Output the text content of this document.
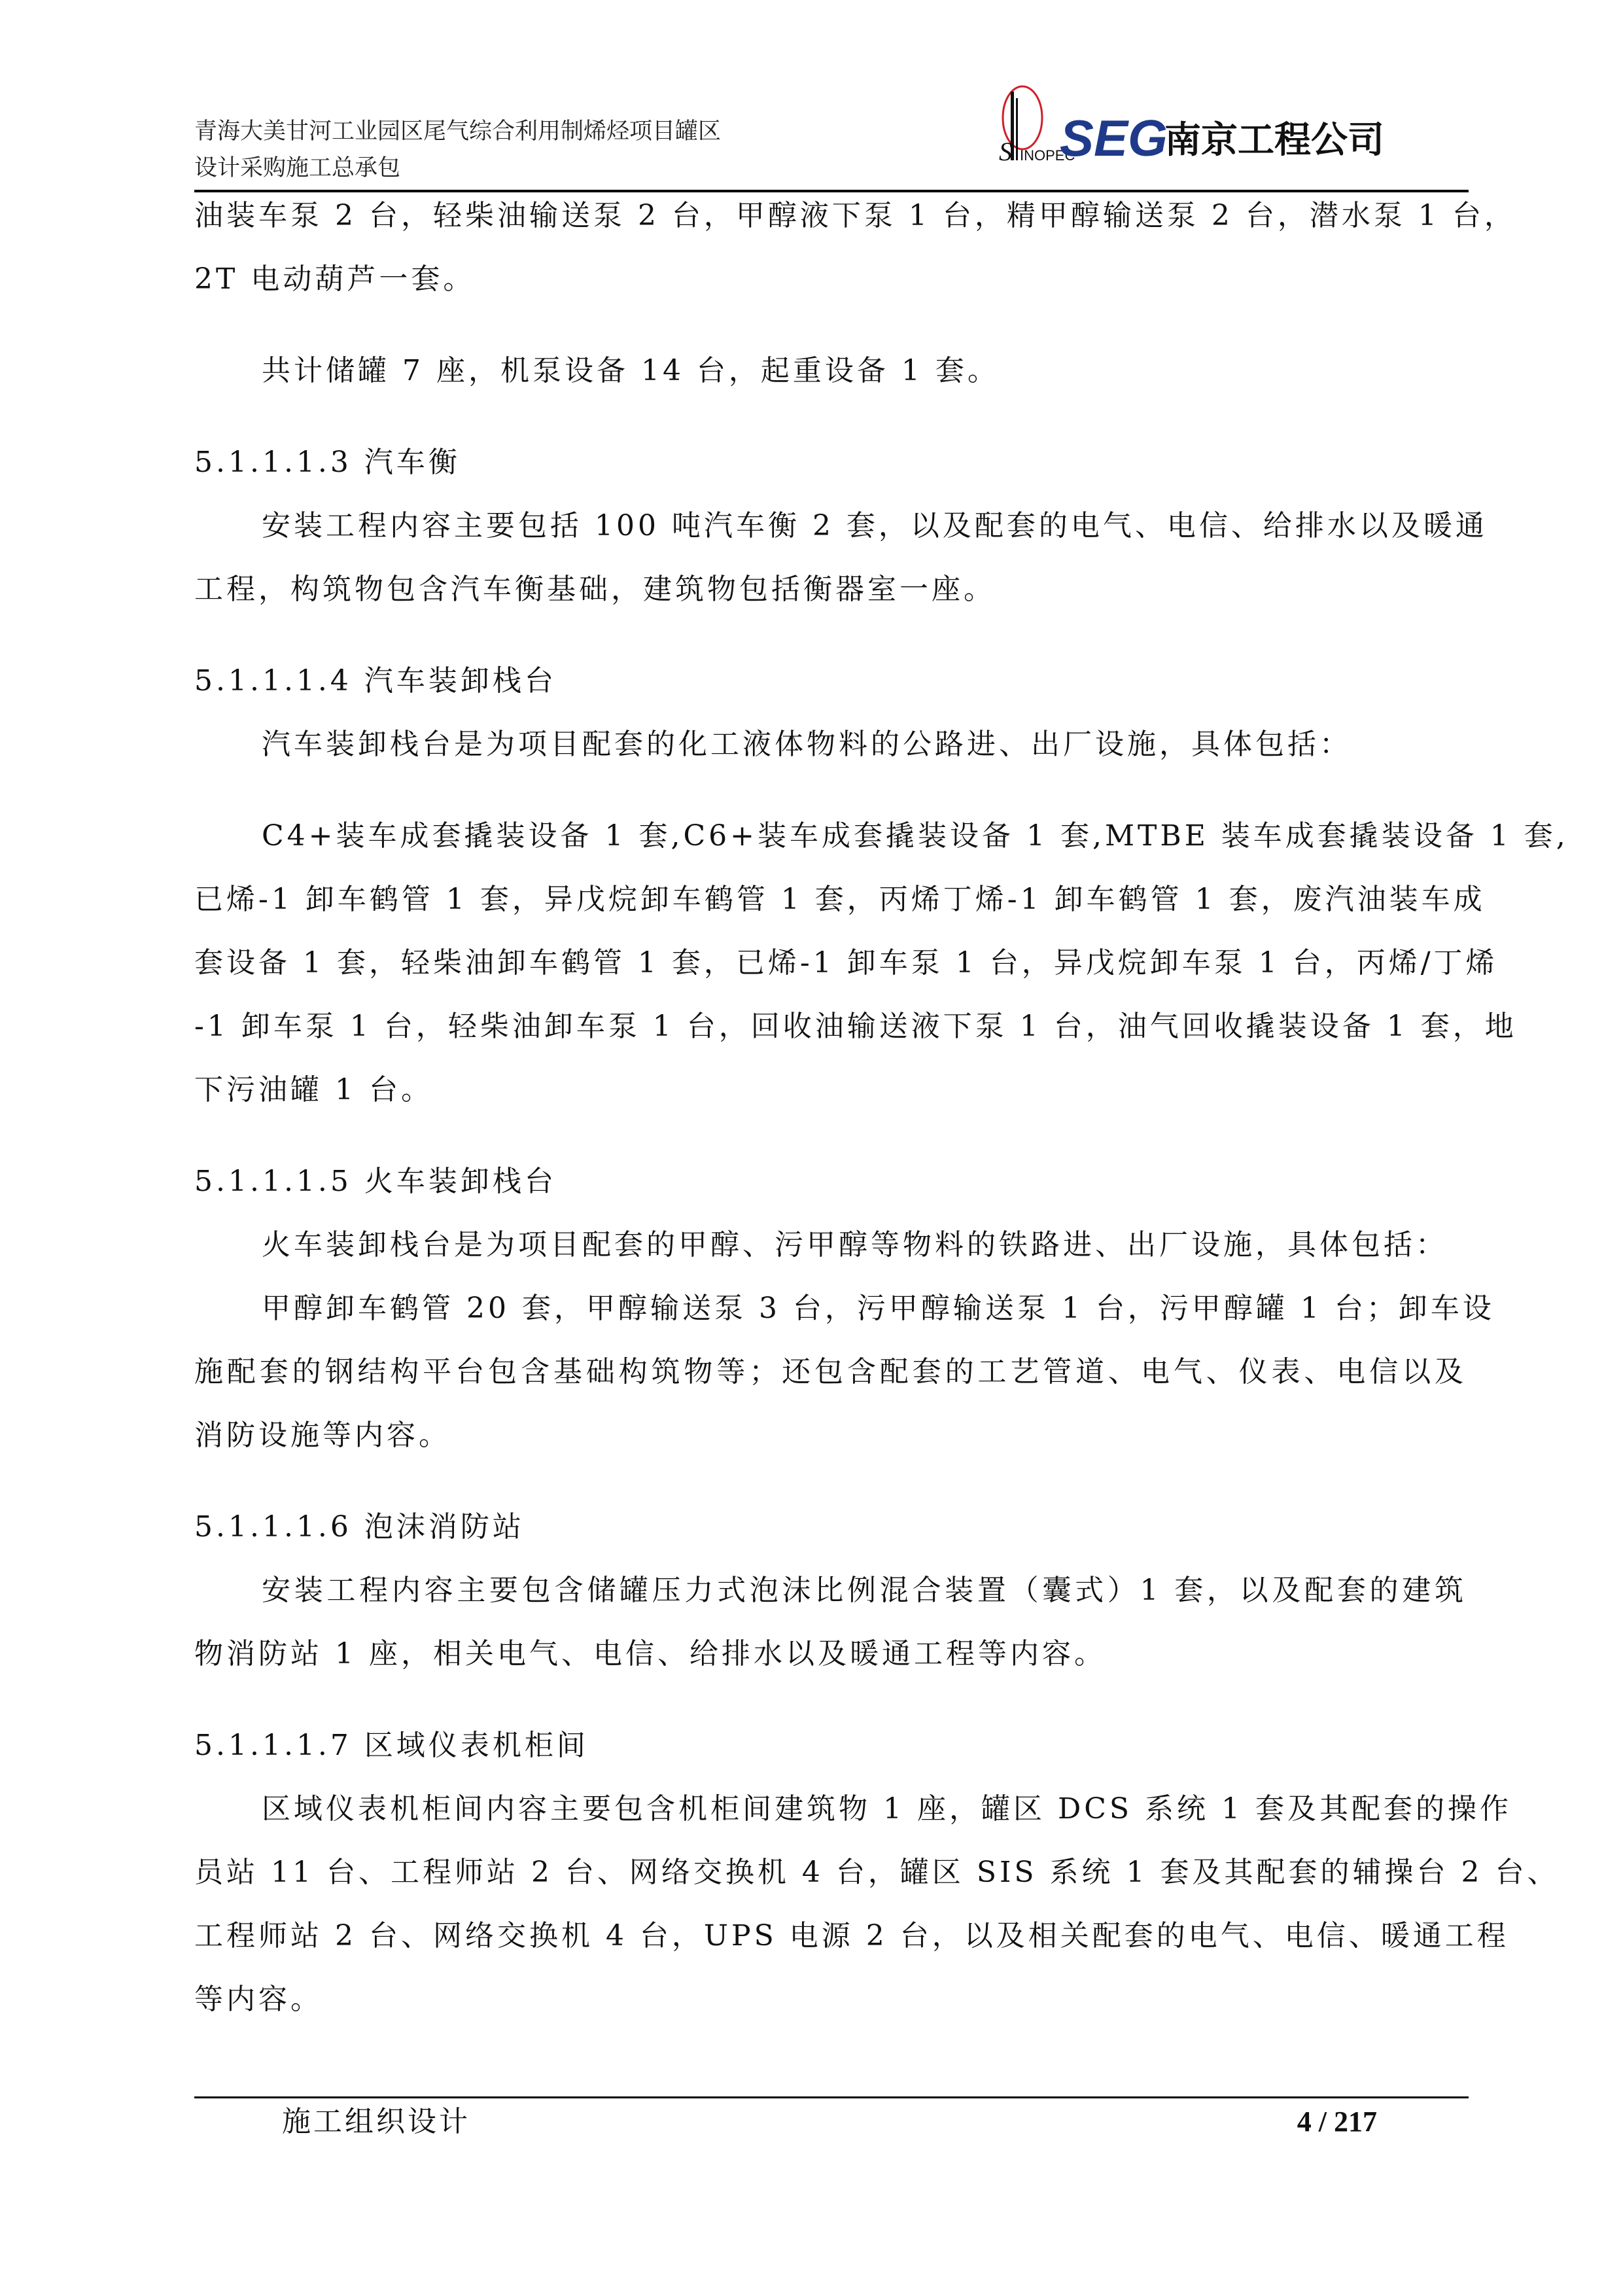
青海大美甘河工业园区尾气综合利用制烯烃项目罐区
设计采购施工总承包
S INOPEC
SEG
南京工程公司
油装车泵 2 台，轻柴油输送泵 2 台，甲醇液下泵 1 台，精甲醇输送泵 2 台，潜水泵 1 台，
2T 电动葫芦一套。
共计储罐 7 座，机泵设备 14 台，起重设备 1 套。
5.1.1.1.3 汽车衡
安装工程内容主要包括 100 吨汽车衡 2 套，以及配套的电气、电信、给排水以及暖通
工程，构筑物包含汽车衡基础，建筑物包括衡器室一座。
5.1.1.1.4 汽车装卸栈台
汽车装卸栈台是为项目配套的化工液体物料的公路进、出厂设施，具体包括：
C4+装车成套撬装设备 1 套,C6+装车成套撬装设备 1 套,MTBE 装车成套撬装设备 1 套,
已烯-1 卸车鹤管 1 套，异戊烷卸车鹤管 1 套，丙烯丁烯-1 卸车鹤管 1 套，废汽油装车成
套设备 1 套，轻柴油卸车鹤管 1 套，已烯-1 卸车泵 1 台，异戊烷卸车泵 1 台，丙烯/丁烯
-1 卸车泵 1 台，轻柴油卸车泵 1 台，回收油输送液下泵 1 台，油气回收撬装设备 1 套，地
下污油罐 1 台。
5.1.1.1.5 火车装卸栈台
火车装卸栈台是为项目配套的甲醇、污甲醇等物料的铁路进、出厂设施，具体包括：
甲醇卸车鹤管 20 套，甲醇输送泵 3 台，污甲醇输送泵 1 台，污甲醇罐 1 台；卸车设
施配套的钢结构平台包含基础构筑物等；还包含配套的工艺管道、电气、仪表、电信以及
消防设施等内容。
5.1.1.1.6 泡沫消防站
安装工程内容主要包含储罐压力式泡沫比例混合装置（囊式）1 套，以及配套的建筑
物消防站 1 座，相关电气、电信、给排水以及暖通工程等内容。
5.1.1.1.7 区域仪表机柜间
区域仪表机柜间内容主要包含机柜间建筑物 1 座，罐区 DCS 系统 1 套及其配套的操作
员站 11 台、工程师站 2 台、网络交换机 4 台，罐区 SIS 系统 1 套及其配套的辅操台 2 台、
工程师站 2 台、网络交换机 4 台，UPS 电源 2 台，以及相关配套的电气、电信、暖通工程
等内容。
施工组织设计	4 / 217
